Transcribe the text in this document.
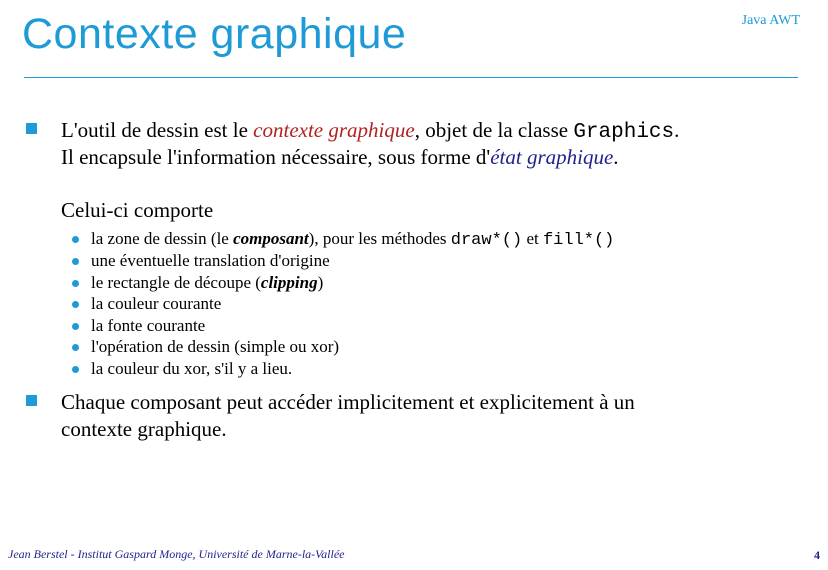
Contexte graphique	Java AWT
L'outil de dessin est le contexte graphique, objet de la classe Graphics.
Il encapsule l'information nécessaire, sous forme d'état graphique.
Celui-ci comporte
la zone de dessin (le composant), pour les méthodes draw*() et fill*()
une éventuelle translation d'origine
le rectangle de découpe (clipping)
la couleur courante
la fonte courante
l'opération de dessin (simple ou xor)
la couleur du xor, s'il y a lieu.
Chaque composant peut accéder implicitement et explicitement à un
contexte graphique.
Jean Berstel - Institut Gaspard Monge, Université de Marne-la-Vallée	4
